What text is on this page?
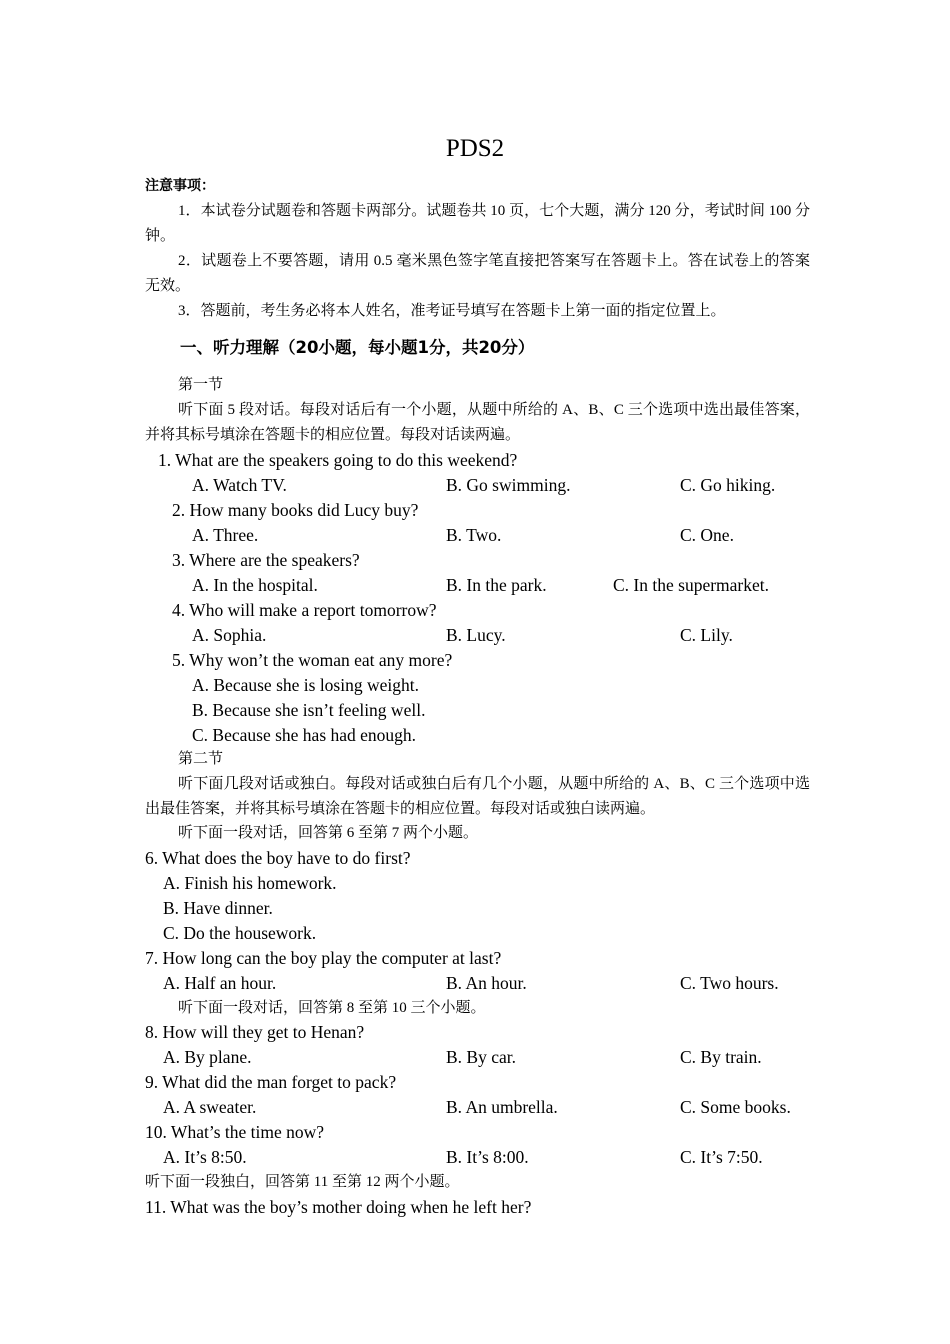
PDS2
注意事项：
1．本试卷分试题卷和答题卡两部分。试题卷共 10 页，七个大题，满分 120 分，考试时间 100 分钟。
2．试题卷上不要答题，请用 0.5 毫米黑色签字笔直接把答案写在答题卡上。答在试卷上的答案无效。
3．答题前，考生务必将本人姓名，准考证号填写在答题卡上第一面的指定位置上。
一、听力理解（20小题，每小题1分，共20分）
第一节
听下面 5 段对话。每段对话后有一个小题，从题中所给的 A、B、C 三个选项中选出最佳答案，并将其标号填涂在答题卡的相应位置。每段对话读两遍。
1. What are the speakers going to do this weekend?
A. Watch TV.	B. Go swimming.	C. Go hiking.
2. How many books did Lucy buy?
A. Three.	B. Two.	C. One.
3. Where are the speakers?
A. In the hospital.	B. In the park.	C. In the supermarket.
4. Who will make a report tomorrow?
A. Sophia.	B. Lucy.	C. Lily.
5. Why won’t the woman eat any more?
A. Because she is losing weight.
B. Because she isn’t feeling well.
C. Because she has had enough.
第二节
听下面几段对话或独白。每段对话或独白后有几个小题，从题中所给的 A、B、C 三个选项中选出最佳答案，并将其标号填涂在答题卡的相应位置。每段对话或独白读两遍。
听下面一段对话，回答第 6 至第 7 两个小题。
6. What does the boy have to do first?
A. Finish his homework.
B. Have dinner.
C. Do the housework.
7. How long can the boy play the computer at last?
A. Half an hour.	B. An hour.	C. Two hours.
听下面一段对话，回答第 8 至第 10 三个小题。
8. How will they get to Henan?
A. By plane.	B. By car.	C. By train.
9. What did the man forget to pack?
A. A sweater.	B. An umbrella.	C. Some books.
10. What’s the time now?
A. It’s 8:50.	B. It’s 8:00.	C. It’s 7:50.
听下面一段独白，回答第 11 至第 12 两个小题。
11. What was the boy’s mother doing when he left her?
